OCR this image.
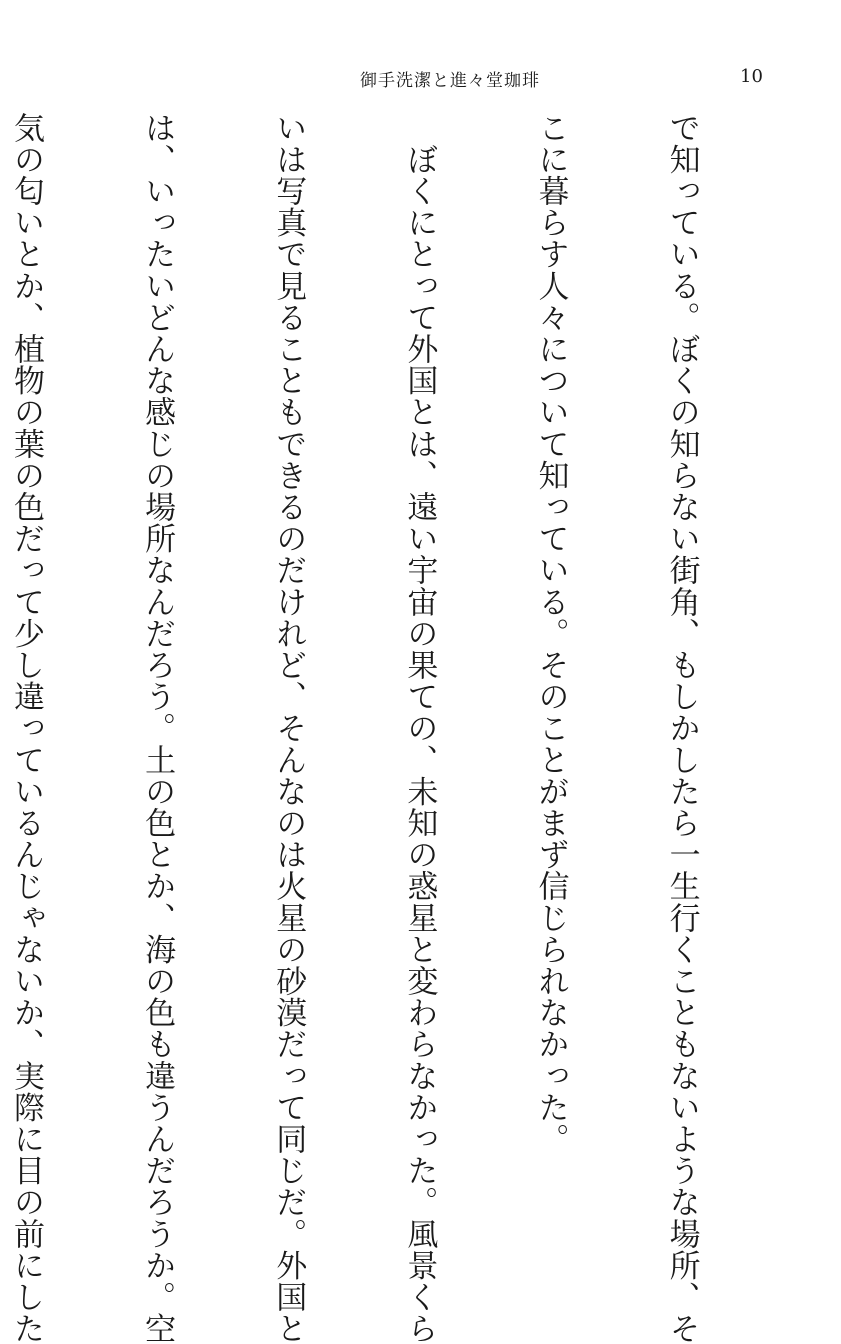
御手洗潔と進々堂珈琲	10

で知っている。ぼくの知らない街角、もしかしたら一生行くこともないような場所、そ

こに暮らす人々について知っている。そのことがまず信じられなかった。

　ぼくにとって外国とは、遠い宇宙の果ての、未知の惑星と変わらなかった。風景くら

いは写真で見ることもできるのだけれど、そんなのは火星の砂漠だって同じだ。外国と

は、いったいどんな感じの場所なんだろう。土の色とか、海の色も違うんだろうか。空

気の匂いとか、植物の葉の色だって少し違っているんじゃないか、実際に目の前にした
